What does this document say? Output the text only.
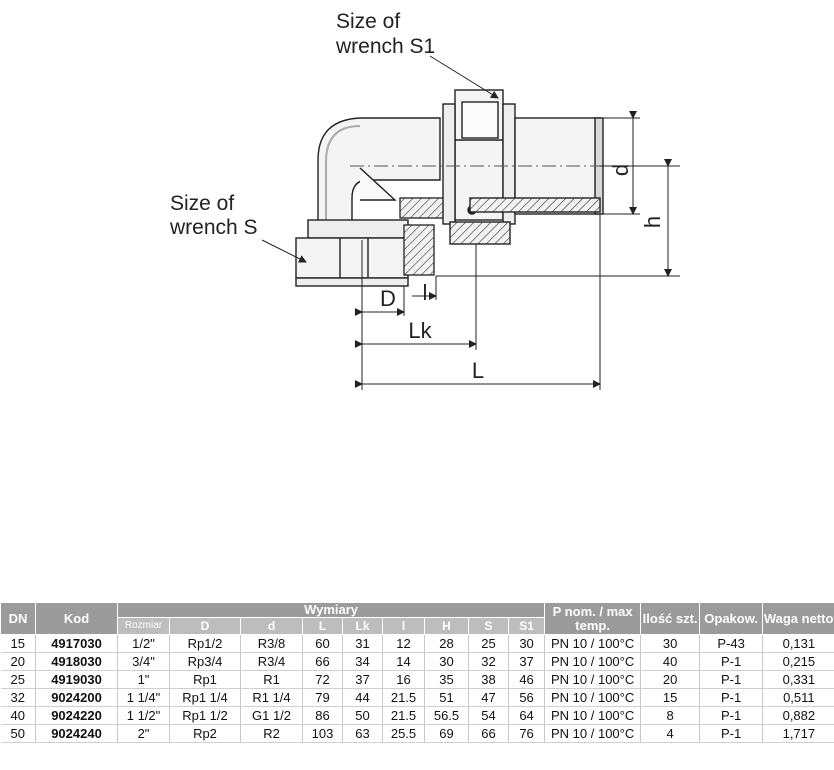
d
h
D l
Lk
L
Size of
wrench S1
Size of
wrench S
DN	Kod	Wymiary									P nom. / max temp.	Ilość szt.	Opakow.	Waga netto
		Rozmiar	D	d	L	Lk	l	H	S	S1				
15	4917030	1/2"	Rp1/2	R3/8	60	31	12	28	25	30	PN 10 / 100°C	30	P-43	0,131
20	4918030	3/4"	Rp3/4	R3/4	66	34	14	30	32	37	PN 10 / 100°C	40	P-1	0,215
25	4919030	1"	Rp1	R1	72	37	16	35	38	46	PN 10 / 100°C	20	P-1	0,331
32	9024200	1 1/4"	Rp1 1/4	R1 1/4	79	44	21.5	51	47	56	PN 10 / 100°C	15	P-1	0,511
40	9024220	1 1/2"	Rp1 1/2	G1 1/2	86	50	21.5	56.5	54	64	PN 10 / 100°C	8	P-1	0,882
50	9024240	2"	Rp2	R2	103	63	25.5	69	66	76	PN 10 / 100°C	4	P-1	1,717
